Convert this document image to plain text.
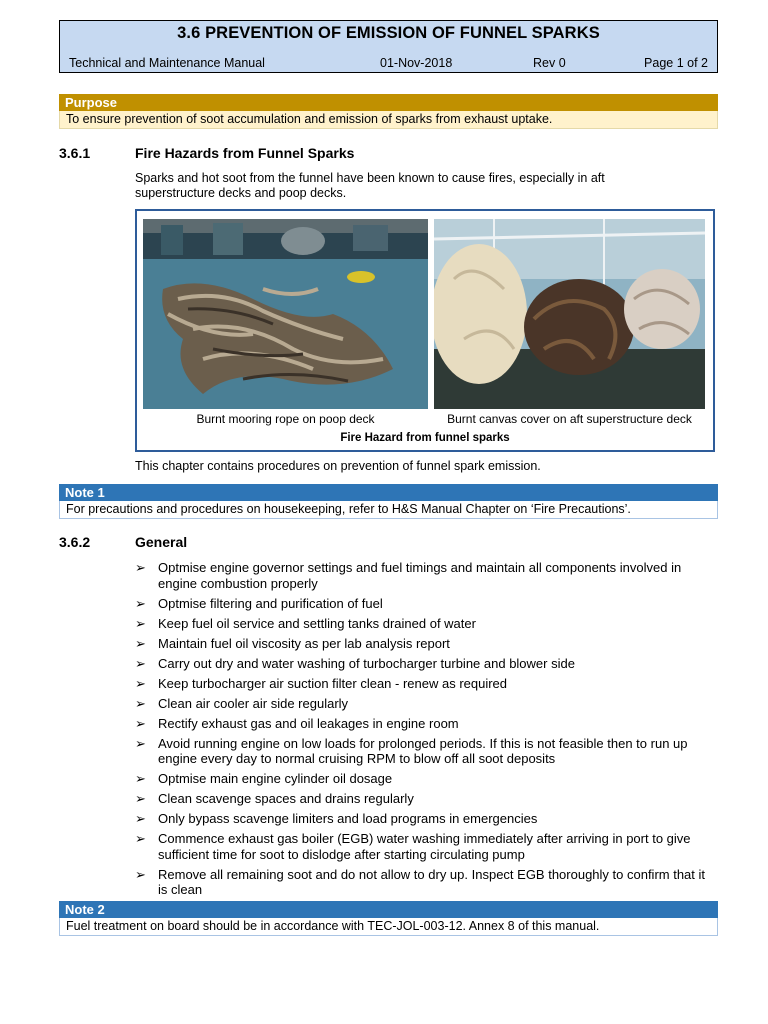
3.6 PREVENTION OF EMISSION OF FUNNEL SPARKS
Technical and Maintenance Manual	01-Nov-2018	Rev 0	Page 1 of 2
Purpose
To ensure prevention of soot accumulation and emission of sparks from exhaust uptake.
3.6.1	Fire Hazards from Funnel Sparks
Sparks and hot soot from the funnel have been known to cause fires, especially in aft
superstructure decks and poop decks.
Burnt mooring rope on poop deck	Burnt canvas cover on aft superstructure deck
Fire Hazard from funnel sparks
This chapter contains procedures on prevention of funnel spark emission.
Note 1
For precautions and procedures on housekeeping, refer to H&S Manual Chapter on ‘Fire Precautions’.
3.6.2	General
➢ Optmise engine governor settings and fuel timings and maintain all components involved in engine combustion properly
➢ Optmise filtering and purification of fuel
➢ Keep fuel oil service and settling tanks drained of water
➢ Maintain fuel oil viscosity as per lab analysis report
➢ Carry out dry and water washing of turbocharger turbine and blower side
➢ Keep turbocharger air suction filter clean - renew as required
➢ Clean air cooler air side regularly
➢ Rectify exhaust gas and oil leakages in engine room
➢ Avoid running engine on low loads for prolonged periods. If this is not feasible then to run up engine every day to normal cruising RPM to blow off all soot deposits
➢ Optmise main engine cylinder oil dosage
➢ Clean scavenge spaces and drains regularly
➢ Only bypass scavenge limiters and load programs in emergencies
➢ Commence exhaust gas boiler (EGB) water washing immediately after arriving in port to give sufficient time for soot to dislodge after starting circulating pump
➢ Remove all remaining soot and do not allow to dry up. Inspect EGB thoroughly to confirm that it is clean
Note 2
Fuel treatment on board should be in accordance with TEC-JOL-003-12. Annex 8 of this manual.
